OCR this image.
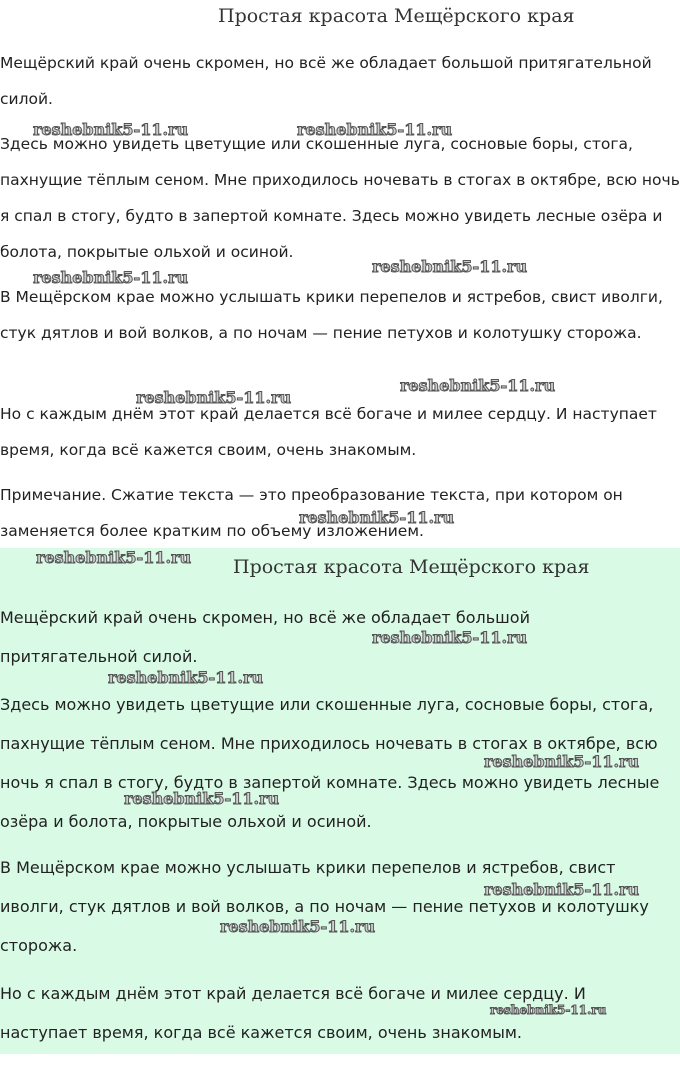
Простая красота Мещёрского края

Мещёрский край очень скромен, но всё же обладает большой притягательной силой.

Здесь можно увидеть цветущие или скошенные луга, сосновые боры, стога, пахнущие тёплым сеном. Мне приходилось ночевать в стогах в октябре, всю ночь я спал в стогу, будто в запертой комнате. Здесь можно увидеть лесные озёра и болота, покрытые ольхой и осиной.

В Мещёрском крае можно услышать крики перепелов и ястребов, свист иволги, стук дятлов и вой волков, а по ночам — пение петухов и колотушку сторожа.

Но с каждым днём этот край делается всё богаче и милее сердцу. И наступает время, когда всё кажется своим, очень знакомым.

Примечание. Сжатие текста — это преобразование текста, при котором он заменяется более кратким по объему изложением.

Простая красота Мещёрского края

Мещёрский край очень скромен, но всё же обладает большой притягательной силой.

Здесь можно увидеть цветущие или скошенные луга, сосновые боры, стога, пахнущие тёплым сеном. Мне приходилось ночевать в стогах в октябре, всю ночь я спал в стогу, будто в запертой комнате. Здесь можно увидеть лесные озёра и болота, покрытые ольхой и осиной.

В Мещёрском крае можно услышать крики перепелов и ястребов, свист иволги, стук дятлов и вой волков, а по ночам — пение петухов и колотушку сторожа.

Но с каждым днём этот край делается всё богаче и милее сердцу. И наступает время, когда всё кажется своим, очень знакомым.

reshebnik5-11.ru	reshebnik5-11.ru
reshebnik5-11.ru
reshebnik5-11.ru
reshebnik5-11.ru
reshebnik5-11.ru
reshebnik5-11.ru
reshebnik5-11.ru
reshebnik5-11.ru
reshebnik5-11.ru
reshebnik5-11.ru
reshebnik5-11.ru
reshebnik5-11.ru
reshebnik5-11.ru
reshebnik5-11.ru
